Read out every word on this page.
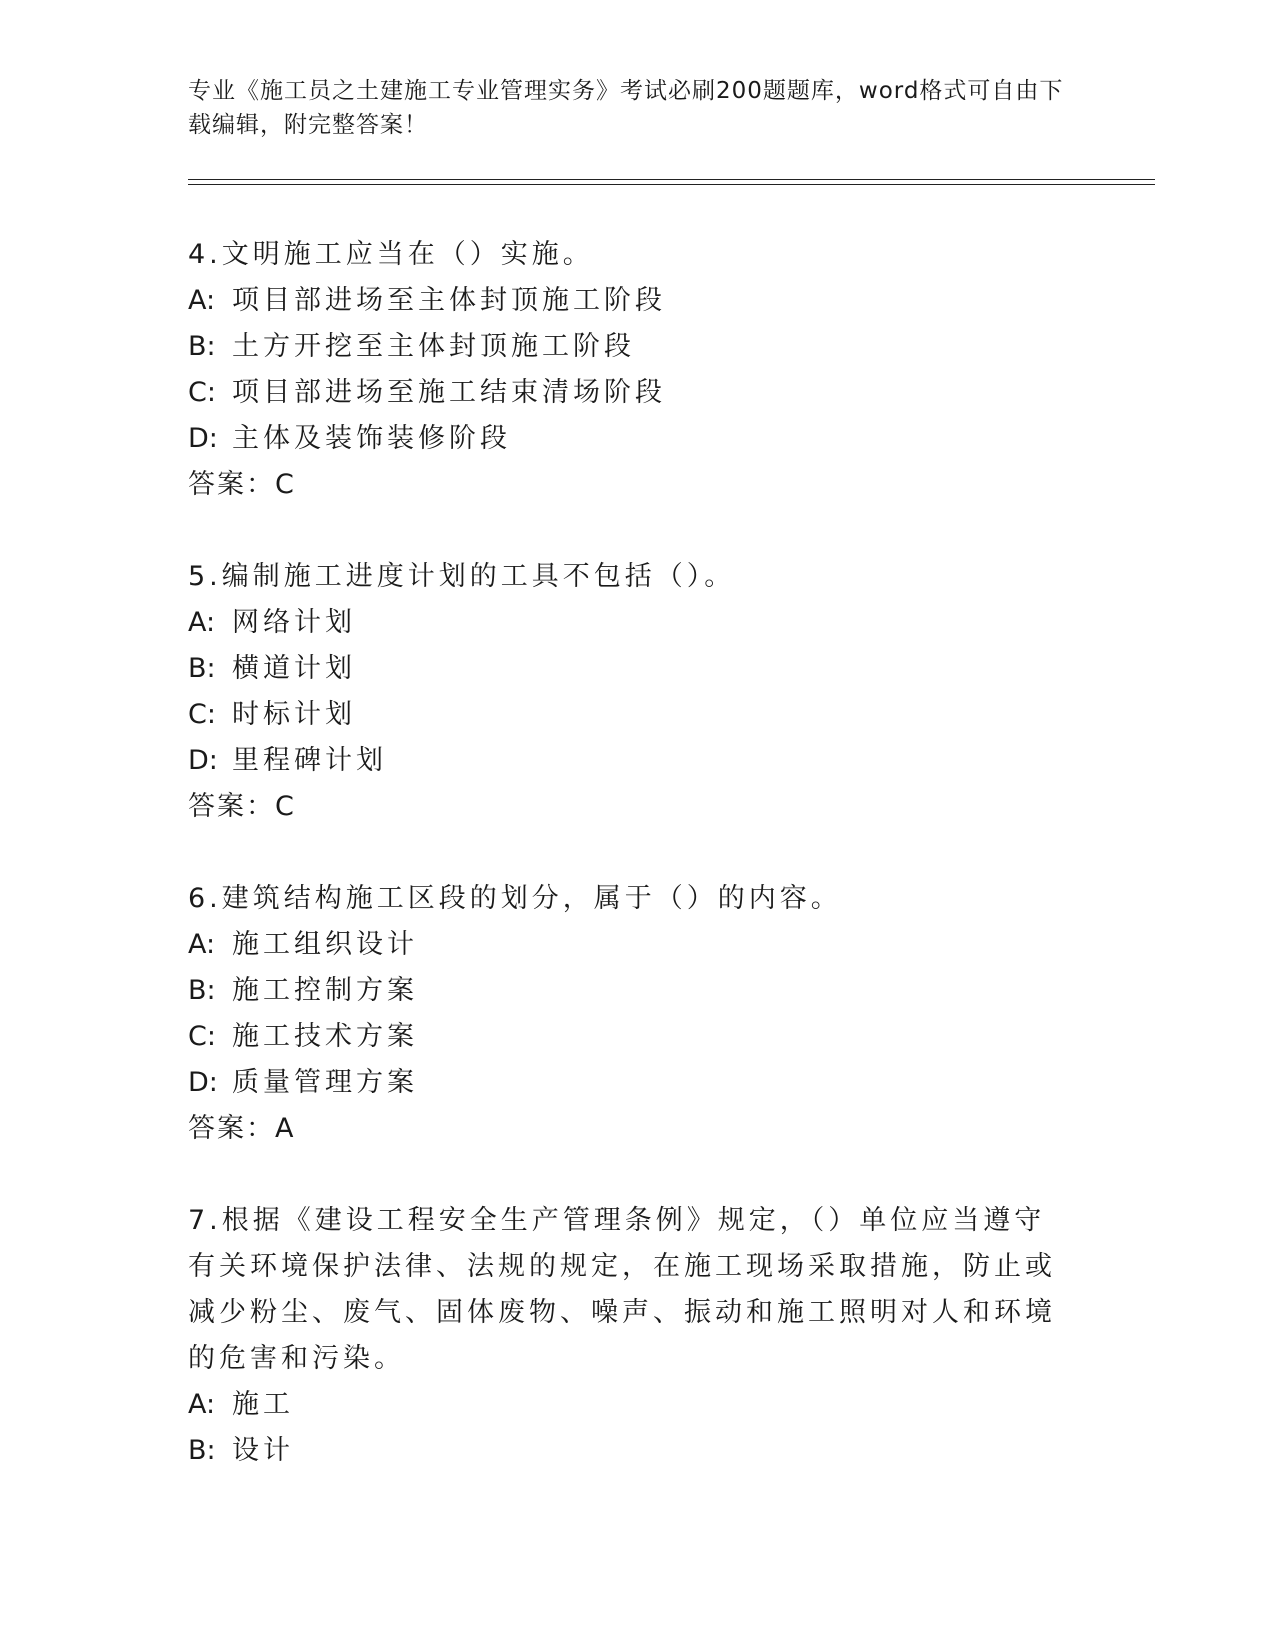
专业《施工员之土建施工专业管理实务》考试必刷200题题库，word格式可自由下载编辑，附完整答案！
4.文明施工应当在（）实施。
A: 项目部进场至主体封顶施工阶段
B: 土方开挖至主体封顶施工阶段
C: 项目部进场至施工结束清场阶段
D: 主体及装饰装修阶段
答案：C
5.编制施工进度计划的工具不包括（）。
A: 网络计划
B: 横道计划
C: 时标计划
D: 里程碑计划
答案：C
6.建筑结构施工区段的划分，属于（）的内容。
A: 施工组织设计
B: 施工控制方案
C: 施工技术方案
D: 质量管理方案
答案：A
7.根据《建设工程安全生产管理条例》规定，（）单位应当遵守有关环境保护法律、法规的规定，在施工现场采取措施，防止或减少粉尘、废气、固体废物、噪声、振动和施工照明对人和环境的危害和污染。
A: 施工
B: 设计
